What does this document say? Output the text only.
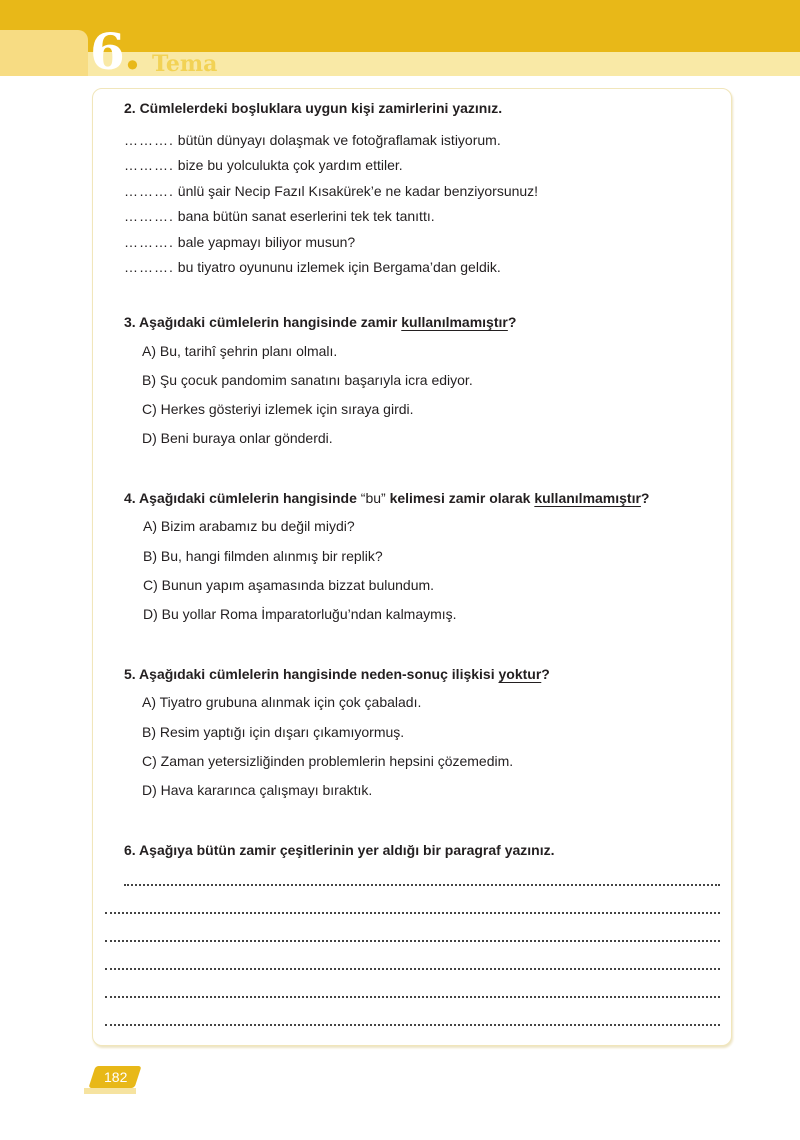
6. Tema
2. Cümlelerdeki boşluklara uygun kişi zamirlerini yazınız.
………. bütün dünyayı dolaşmak ve fotoğraflamak istiyorum.
………. bize bu yolculukta çok yardım ettiler.
………. ünlü şair Necip Fazıl Kısakürek’e ne kadar benziyorsunuz!
………. bana bütün sanat eserlerini tek tek tanıttı.
………. bale yapmayı biliyor musun?
………. bu tiyatro oyununu izlemek için Bergama’dan geldik.
3. Aşağıdaki cümlelerin hangisinde zamir kullanılmamıştır?
A) Bu, tarihî şehrin planı olmalı.
B) Şu çocuk pandomim sanatını başarıyla icra ediyor.
C) Herkes gösteriyi izlemek için sıraya girdi.
D) Beni buraya onlar gönderdi.
4. Aşağıdaki cümlelerin hangisinde “bu” kelimesi zamir olarak kullanılmamıştır?
A) Bizim arabamız bu değil miydi?
B) Bu, hangi filmden alınmış bir replik?
C) Bunun yapım aşamasında bizzat bulundum.
D) Bu yollar Roma İmparatorluğu’ndan kalmaymış.
5. Aşağıdaki cümlelerin hangisinde neden-sonuç ilişkisi yoktur?
A) Tiyatro grubuna alınmak için çok çabaladı.
B) Resim yaptığı için dışarı çıkamıyormuş.
C) Zaman yetersizliğinden problemlerin hepsini çözemedim.
D) Hava kararınca çalışmayı bıraktık.
6. Aşağıya bütün zamir çeşitlerinin yer aldığı bir paragraf yazınız.
182
